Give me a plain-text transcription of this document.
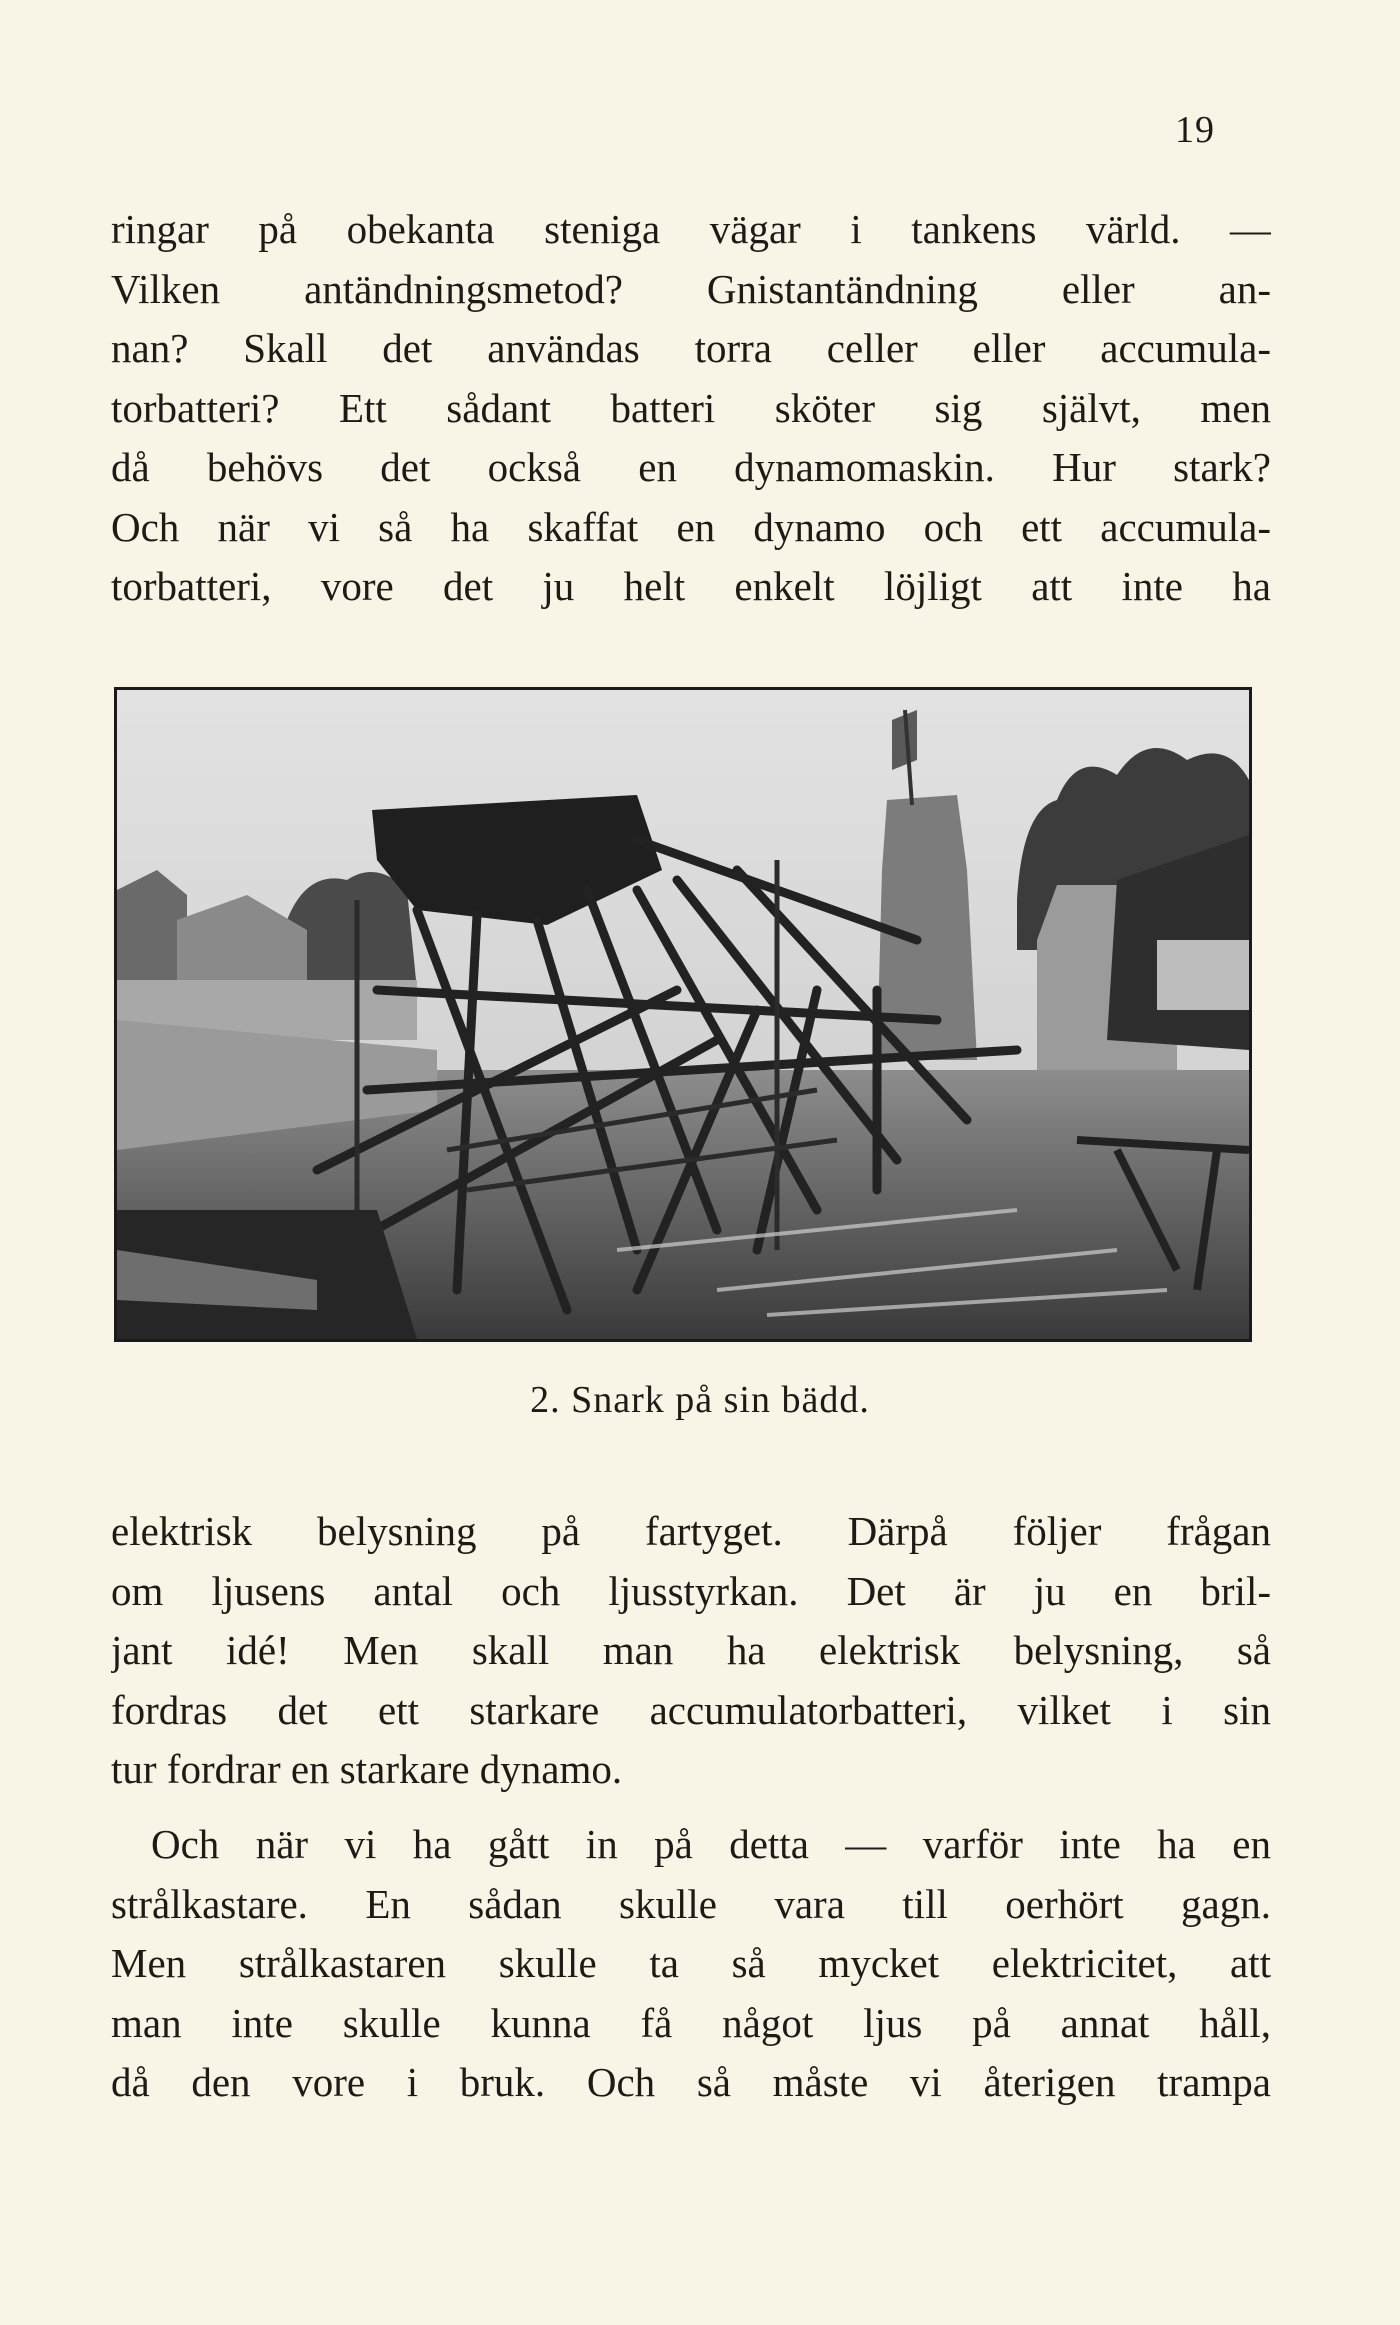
19
ringar på obekanta steniga vägar i tankens värld. —
Vilken antändningsmetod? Gnistantändning eller an-
nan? Skall det användas torra celler eller accumula-
torbatteri? Ett sådant batteri sköter sig självt, men
då behövs det också en dynamomaskin. Hur stark?
Och när vi så ha skaffat en dynamo och ett accumula-
torbatteri, vore det ju helt enkelt löjligt att inte ha
2. Snark på sin bädd.
elektrisk belysning på fartyget. Därpå följer frågan
om ljusens antal och ljusstyrkan. Det är ju en bril-
jant idé! Men skall man ha elektrisk belysning, så
fordras det ett starkare accumulatorbatteri, vilket i sin
tur fordrar en starkare dynamo.
Och när vi ha gått in på detta — varför inte ha en
strålkastare. En sådan skulle vara till oerhört gagn.
Men strålkastaren skulle ta så mycket elektricitet, att
man inte skulle kunna få något ljus på annat håll,
då den vore i bruk. Och så måste vi återigen trampa
